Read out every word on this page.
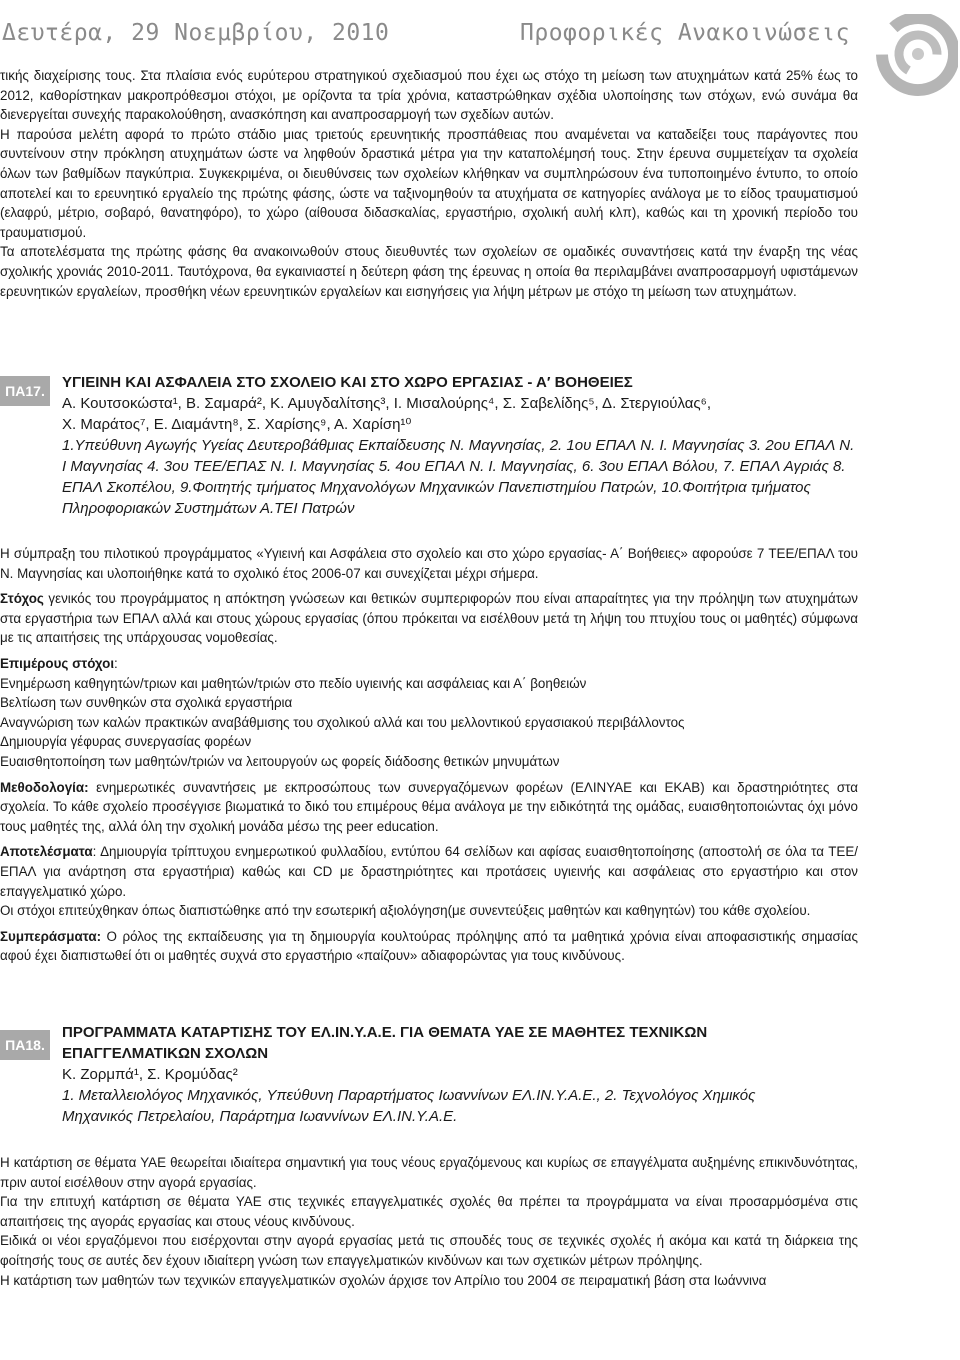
Δευτέρα, 29 Νοεμβρίου, 2010	Προφορικές Ανακοινώσεις

τικής διαχείρισης τους. Στα πλαίσια ενός ευρύτερου στρατηγικού σχεδιασμού που έχει ως στόχο τη μείωση των ατυχημάτων κατά 25% έως το 2012, καθορίστηκαν μακροπρόθεσμοι στόχοι, με ορίζοντα τα τρία χρόνια, καταστρώθηκαν σχέδια υλοποίησης των στόχων, ενώ συνάμα θα διενεργείται συνεχής παρακολούθηση, ανασκόπηση και αναπροσαρμογή των σχεδίων αυτών.

Η παρούσα μελέτη αφορά το πρώτο στάδιο μιας τριετούς ερευνητικής προσπάθειας που αναμένεται να καταδείξει τους παράγοντες που συντείνουν στην πρόκληση ατυχημάτων ώστε να ληφθούν δραστικά μέτρα για την καταπολέμησή τους. Στην έρευνα συμμετείχαν τα σχολεία όλων των βαθμίδων παγκύπρια. Συγκεκριμένα, οι διευθύνσεις των σχολείων κλήθηκαν να συμπληρώσουν ένα τυποποιημένο έντυπο, το οποίο αποτελεί και το ερευνητικό εργαλείο της πρώτης φάσης, ώστε να ταξινομηθούν τα ατυχήματα σε κατηγορίες ανάλογα με το είδος τραυματισμού (ελαφρύ, μέτριο, σοβαρό, θανατηφόρο), το χώρο (αίθουσα διδασκαλίας, εργαστήριο, σχολική αυλή κλπ), καθώς και τη χρονική περίοδο του τραυματισμού.

Τα αποτελέσματα της πρώτης φάσης θα ανακοινωθούν στους διευθυντές των σχολείων σε ομαδικές συναντήσεις κατά την έναρξη της νέας σχολικής χρονιάς 2010-2011. Ταυτόχρονα, θα εγκαινιαστεί η δεύτερη φάση της έρευνας η οποία θα περιλαμβάνει αναπροσαρμογή υφιστάμενων ερευνητικών εργαλείων, προσθήκη νέων ερευνητικών εργαλείων και εισηγήσεις για λήψη μέτρων με στόχο τη μείωση των ατυχημάτων.

ΠΑ17.	ΥΓΙΕΙΝΗ ΚΑΙ ΑΣΦΑΛΕΙΑ ΣΤΟ ΣΧΟΛΕΙΟ ΚΑΙ ΣΤΟ ΧΩΡΟ ΕΡΓΑΣΙΑΣ - Α′ ΒΟΗΘΕΙΕΣ
Α. Κουτσοκώστα¹, Β. Σαμαρά², Κ. Αμυγδαλίτσης³, Ι. Μισαλούρης⁴, Σ. Σαβελίδης⁵, Δ. Στεργιούλας⁶,
Χ. Μαράτος⁷, Ε. Διαμάντη⁸, Σ. Χαρίσης⁹, Α. Χαρίση¹⁰
1.Υπεύθυνη Αγωγής Υγείας Δευτεροβάθμιας Εκπαίδευσης Ν. Μαγνησίας, 2. 1ου ΕΠΑΛ Ν. Ι. Μαγνησίας 3. 2ου ΕΠΑΛ Ν. Ι Μαγνησίας 4. 3ου ΤΕΕ/ΕΠΑΣ Ν. Ι. Μαγνησίας 5. 4ου ΕΠΑΛ Ν. Ι. Μαγνησίας, 6. 3ου ΕΠΑΛ Βόλου, 7. ΕΠΑΛ Αγριάς 8. ΕΠΑΛ Σκοπέλου, 9.Φοιτητής τμήματος Μηχανολόγων Μηχανικών Πανεπιστημίου Πατρών, 10.Φοιτήτρια τμήματος Πληροφοριακών Συστημάτων Α.ΤΕΙ Πατρών

Η σύμπραξη του πιλοτικού προγράμματος «Υγιεινή και Ασφάλεια στο σχολείο και στο χώρο εργασίας- Α΄ Βοήθειες» αφορούσε 7 ΤΕΕ/ΕΠΑΛ του Ν. Μαγνησίας και υλοποιήθηκε κατά το σχολικό έτος 2006-07 και συνεχίζεται μέχρι σήμερα.

Στόχος γενικός του προγράμματος η απόκτηση γνώσεων και θετικών συμπεριφορών που είναι απαραίτητες για την πρόληψη των ατυχημάτων στα εργαστήρια των ΕΠΑΛ αλλά και στους χώρους εργασίας (όπου πρόκειται να εισέλθουν μετά τη λήψη του πτυχίου τους οι μαθητές) σύμφωνα με τις απαιτήσεις της υπάρχουσας νομοθεσίας.

Επιμέρους στόχοι:

Ενημέρωση καθηγητών/τριων και μαθητών/τριών στο πεδίο υγιεινής και ασφάλειας και Α΄ βοηθειών

Βελτίωση των συνθηκών στα σχολικά εργαστήρια

Αναγνώριση των καλών πρακτικών αναβάθμισης του σχολικού αλλά και του μελλοντικού εργασιακού περιβάλλοντος

Δημιουργία γέφυρας συνεργασίας φορέων

Ευαισθητοποίηση των μαθητών/τριών να λειτουργούν ως φορείς διάδοσης θετικών μηνυμάτων

Μεθοδολογία: ενημερωτικές συναντήσεις με εκπροσώπους των συνεργαζόμενων φορέων (ΕΛΙΝΥΑΕ και ΕΚΑΒ) και δραστηριότητες στα σχολεία. Το κάθε σχολείο προσέγγισε βιωματικά το δικό του επιμέρους θέμα ανάλογα με την ειδικότητά της ομάδας, ευαισθητοποιώντας όχι μόνο τους μαθητές της, αλλά όλη την σχολική μονάδα μέσω της peer education.

Αποτελέσματα: Δημιουργία τρίπτυχου ενημερωτικού φυλλαδίου, εντύπου 64 σελίδων και αφίσας ευαισθητοποίησης (αποστολή σε όλα τα ΤΕΕ/ΕΠΑΛ για ανάρτηση στα εργαστήρια) καθώς και CD με δραστηριότητες και προτάσεις υγιεινής και ασφάλειας στο εργαστήριο και στον επαγγελματικό χώρο.

Οι στόχοι επιτεύχθηκαν όπως διαπιστώθηκε από την εσωτερική αξιολόγηση(με συνεντεύξεις μαθητών και καθηγητών) του κάθε σχολείου.

Συμπεράσματα: Ο ρόλος της εκπαίδευσης για τη δημιουργία κουλτούρας πρόληψης από τα μαθητικά χρόνια είναι αποφασιστικής σημασίας αφού έχει διαπιστωθεί ότι οι μαθητές συχνά στο εργαστήριο «παίζουν» αδιαφορώντας για τους κινδύνους.

ΠΑ18.
ΠΡΟΓΡΑΜΜΑΤΑ ΚΑΤΑΡΤΙΣΗΣ ΤΟΥ ΕΛ.ΙΝ.Υ.Α.Ε. ΓΙΑ ΘΕΜΑΤΑ ΥΑΕ ΣΕ ΜΑΘΗΤΕΣ ΤΕΧΝΙΚΩΝ
ΕΠΑΓΓΕΛΜΑΤΙΚΩΝ ΣΧΟΛΩΝ
Κ. Ζορμπά¹, Σ. Κρομύδας²
1. Μεταλλειολόγος Μηχανικός, Υπεύθυνη Παραρτήματος Ιωαννίνων ΕΛ.ΙΝ.Υ.Α.Ε., 2. Τεχνολόγος Χημικός
Μηχανικός Πετρελαίου, Παράρτημα Ιωαννίνων ΕΛ.ΙΝ.Υ.Α.Ε.

Η κατάρτιση σε θέματα ΥΑΕ θεωρείται ιδιαίτερα σημαντική για τους νέους εργαζόμενους και κυρίως σε επαγγέλματα αυξημένης επικινδυνότητας, πριν αυτοί εισέλθουν στην αγορά εργασίας.

Για την επιτυχή κατάρτιση σε θέματα ΥΑΕ στις τεχνικές επαγγελματικές σχολές θα πρέπει τα προγράμματα να είναι προσαρμόσμένα στις απαιτήσεις της αγοράς εργασίας και στους νέους κινδύνους.

Ειδικά οι νέοι εργαζόμενοι που εισέρχονται στην αγορά εργασίας μετά τις σπουδές τους σε τεχνικές σχολές ή ακόμα και κατά τη διάρκεια της φοίτησής τους σε αυτές δεν έχουν ιδιαίτερη γνώση των επαγγελματικών κινδύνων και των σχετικών μέτρων πρόληψης.

Η κατάρτιση των μαθητών των τεχνικών επαγγελματικών σχολών άρχισε τον Απρίλιο του 2004 σε πειραματική βάση στα Ιωάννινα
